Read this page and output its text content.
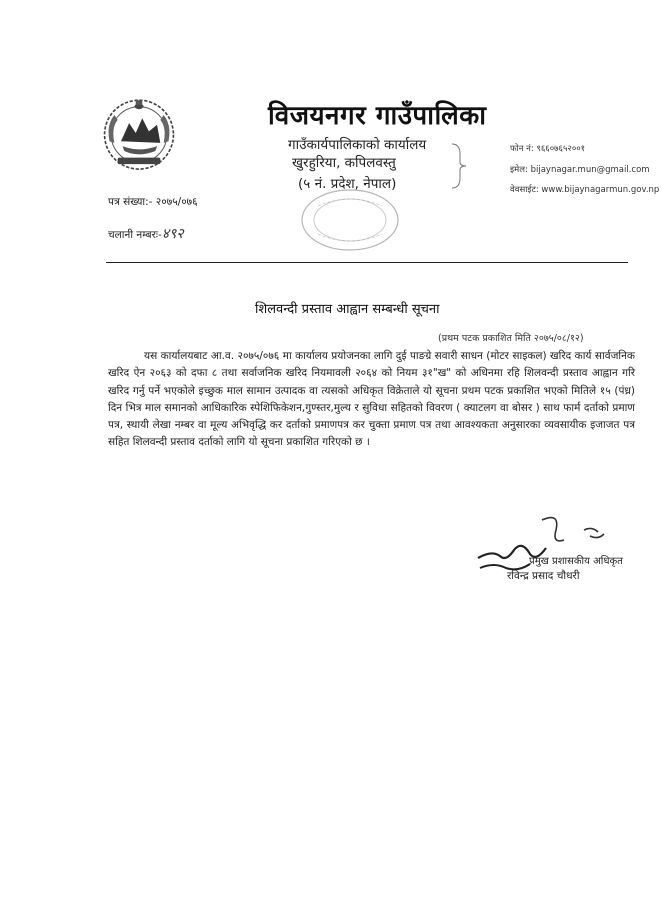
विजयनगर गाउँपालिका
गाउँकार्यपालिकाको कार्यालय
खुरहुरिया, कपिलवस्तु
(५ नं. प्रदेश, नेपाल)
फोन नं: ९६६०७६५२००१
इमेल: bijaynagar.mun@gmail.com
वेवसाईट: www.bijaynagarmun.gov.np
पत्र संख्या:- २०७५/०७६
चलानी नम्बरः-४९२
शिलवन्दी प्रस्ताव आह्वान सम्बन्धी सूचना
(प्रथम पटक प्रकाशित मिति २०७५/०८/१२)
यस कार्यालयबाट आ.व. २०७५/०७६ मा कार्यालय प्रयोजनका लागि दुई पाङग्रे सवारी साधन (मोटर साइकल) खरिद कार्य सार्वजनिक खरिद ऐन २०६३ को दफा ८ तथा सर्वाजनिक खरिद नियमावली २०६४ को नियम ३१"ख" को अधिनमा रहि शिलवन्दी प्रस्ताव आह्वान गरि खरिद गर्नु पर्ने भएकोले इच्छुक माल सामान उत्पादक वा त्यसको अधिकृत विक्रेताले यो सूचना प्रथम पटक प्रकाशित भएको मितिले १५ (पंध्र) दिन भित्र माल समानको आधिकारिक स्पेशिफिकेशन,गुण्स्तर,मुल्य र सुविधा सहितको विवरण ( क्याटलग वा बोसर ) साथ फार्म दर्ताको प्रमाण पत्र, स्थायी लेखा नम्बर वा मूल्य अभिवृद्धि कर दर्ताको प्रमाणपत्र कर चुक्ता प्रमाण पत्र तथा आवश्यकता अनुसारका व्यवसायीक इजाजत पत्र सहित शिलवन्दी प्रस्ताव दर्ताको लागि यो सूचना प्रकाशित गरिएको छ ।
प्रमुख प्रशासकीय अधिकृत
रविन्द्र प्रसाद चौधरी
